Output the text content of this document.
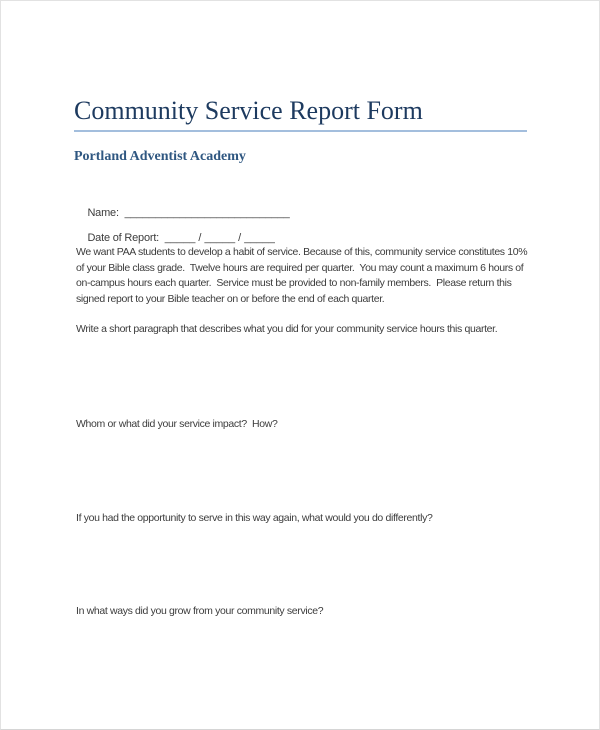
Community Service Report Form
Portland Adventist Academy

Name:  ___________________________

Date of Report:  _____ / _____ / _____

We want PAA students to develop a habit of service. Because of this, community service constitutes 10%
of your Bible class grade.  Twelve hours are required per quarter.  You may count a maximum 6 hours of
on-campus hours each quarter.  Service must be provided to non-family members.  Please return this
signed report to your Bible teacher on or before the end of each quarter.
Write a short paragraph that describes what you did for your community service hours this quarter.
Whom or what did your service impact?  How?
If you had the opportunity to serve in this way again, what would you do differently?
In what ways did you grow from your community service?
